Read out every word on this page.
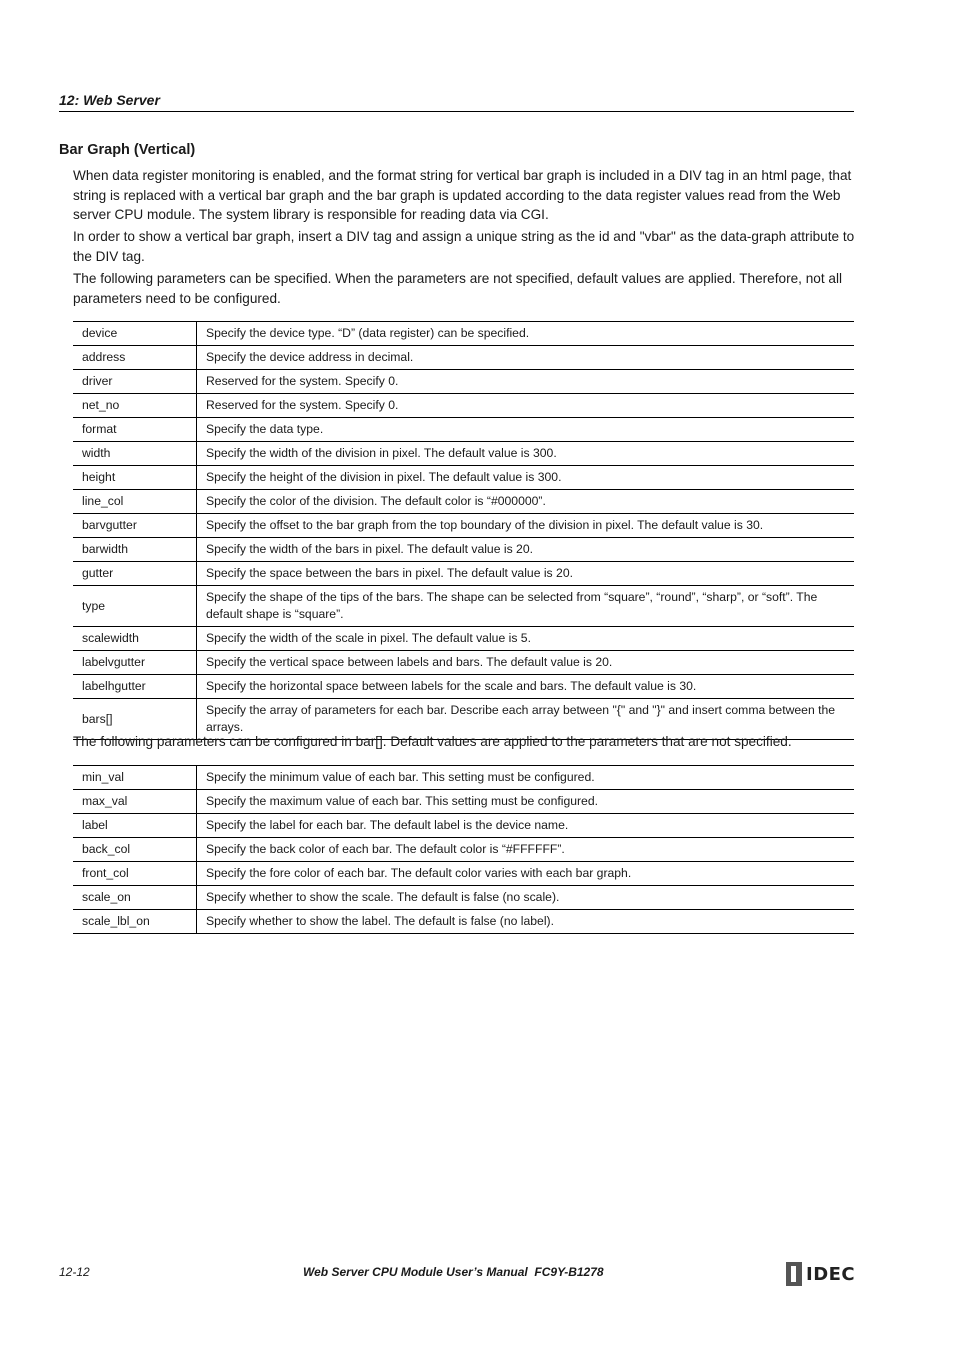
12: Web Server
Bar Graph (Vertical)

When data register monitoring is enabled, and the format string for vertical bar graph is included in a DIV tag in an html page, that string is replaced with a vertical bar graph and the bar graph is updated according to the data register values read from the Web server CPU module. The system library is responsible for reading data via CGI.

In order to show a vertical bar graph, insert a DIV tag and assign a unique string as the id and "vbar" as the data-graph attribute to the DIV tag.

The following parameters can be specified. When the parameters are not specified, default values are applied. Therefore, not all parameters need to be configured.

device	Specify the device type. “D” (data register) can be specified.
address	Specify the device address in decimal.
driver	Reserved for the system. Specify 0.
net_no	Reserved for the system. Specify 0.
format	Specify the data type.
width	Specify the width of the division in pixel. The default value is 300.
height	Specify the height of the division in pixel. The default value is 300.
line_col	Specify the color of the division. The default color is “#000000”.
barvgutter	Specify the offset to the bar graph from the top boundary of the division in pixel. The default value is 30.
barwidth	Specify the width of the bars in pixel. The default value is 20.
gutter	Specify the space between the bars in pixel. The default value is 20.
type	Specify the shape of the tips of the bars. The shape can be selected from “square”, “round”, “sharp”, or “soft”. The default shape is “square”.
scalewidth	Specify the width of the scale in pixel. The default value is 5.
labelvgutter	Specify the vertical space between labels and bars. The default value is 20.
labelhgutter	Specify the horizontal space between labels for the scale and bars. The default value is 30.
bars[]	Specify the array of parameters for each bar. Describe each array between "{" and "}" and insert comma between the arrays.

The following parameters can be configured in bar[]. Default values are applied to the parameters that are not specified.

min_val	Specify the minimum value of each bar. This setting must be configured.
max_val	Specify the maximum value of each bar. This setting must be configured.
label	Specify the label for each bar. The default label is the device name.
back_col	Specify the back color of each bar. The default color is “#FFFFFF”.
front_col	Specify the fore color of each bar. The default color varies with each bar graph.
scale_on	Specify whether to show the scale. The default is false (no scale).
scale_lbl_on	Specify whether to show the label. The default is false (no label).
12-12	Web Server CPU Module User’s Manual FC9Y-B1278	IDEC
